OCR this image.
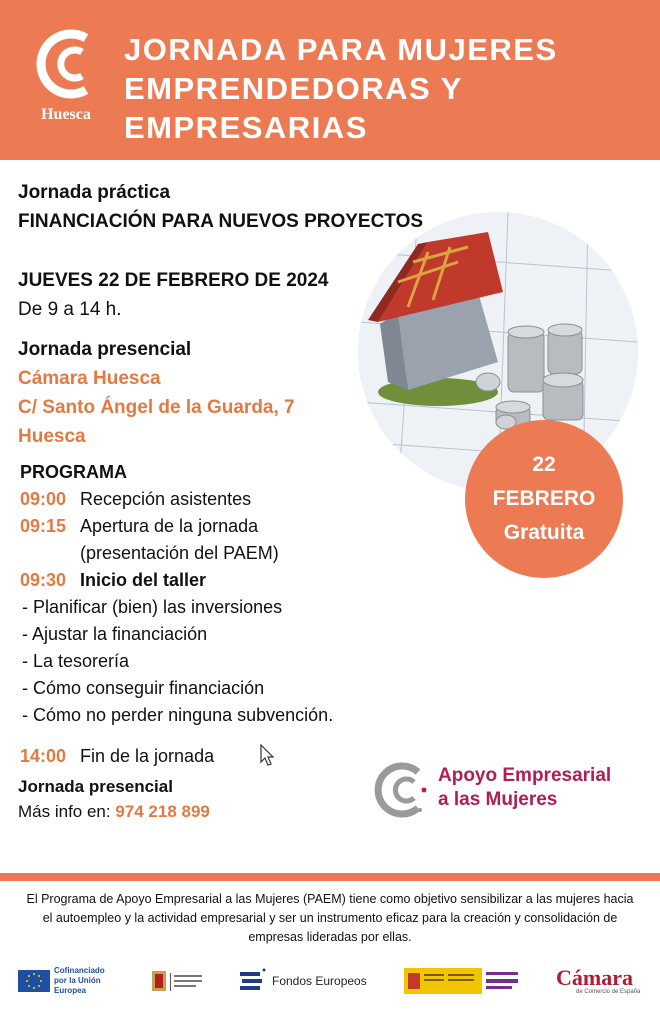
Huesca
JORNADA PARA MUJERES
EMPRENDEDORAS Y
EMPRESARIAS
Jornada práctica
FINANCIACIÓN PARA NUEVOS PROYECTOS
JUEVES 22 DE FEBRERO DE 2024
De 9 a 14 h.
Jornada presencial
Cámara Huesca
C/ Santo Ángel de la Guarda, 7
Huesca
22
FEBRERO
Gratuita
PROGRAMA
09:00 Recepción asistentes
09:15 Apertura de la jornada
(presentación del PAEM)
09:30 Inicio del taller
- Planificar (bien) las inversiones
- Ajustar la financiación
- La tesorería
- Cómo conseguir financiación
- Cómo no perder ninguna subvención.
14:00 Fin de la jornada
Jornada presencial
Más info en: 974 218 899
Apoyo Empresarial
a las Mujeres
El Programa de Apoyo Empresarial a las Mujeres (PAEM) tiene como objetivo sensibilizar a las mujeres hacia el autoempleo y la actividad empresarial y ser un instrumento eficaz para la creación y consolidación de empresas lideradas por ellas.
Cofinanciado por la Unión Europea
Fondos Europeos	Cámara
de Comercio de España
